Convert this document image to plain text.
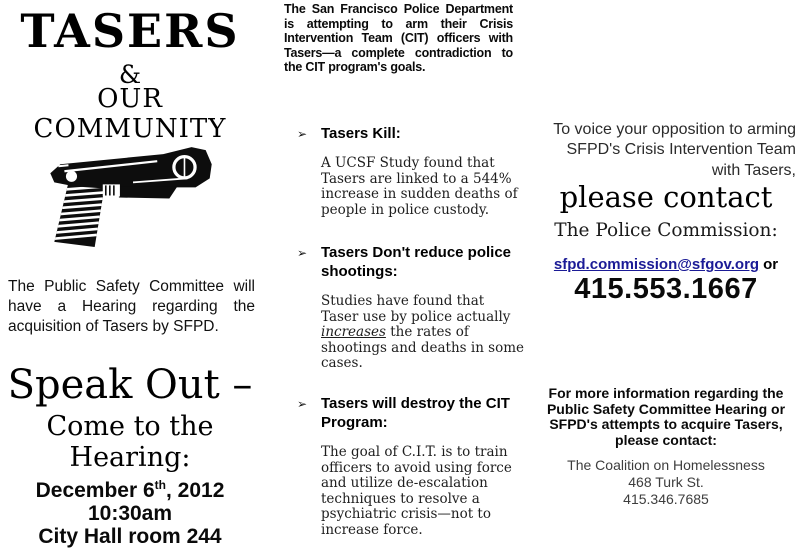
TASERS
&
OUR COMMUNITY
The Public Safety Committee will have a Hearing regarding the acquisition of Tasers by SFPD.
Speak Out –
Come to the Hearing:
December 6th, 2012
10:30am
City Hall room 244
The San Francisco Police Department is attempting to arm their Crisis Intervention Team (CIT) officers with Tasers—a complete contradiction to the CIT program's goals.
➢ Tasers Kill:
A UCSF Study found that Tasers are linked to a 544% increase in sudden deaths of people in police custody.
➢ Tasers Don't reduce police shootings:
Studies have found that Taser use by police actually increases the rates of shootings and deaths in some cases.
➢ Tasers will destroy the CIT Program:
The goal of C.I.T. is to train officers to avoid using force and utilize de-escalation techniques to resolve a psychiatric crisis—not to increase force.
To voice your opposition to arming SFPD's Crisis Intervention Team with Tasers,
please contact
The Police Commission:
sfpd.commission@sfgov.org or
415.553.1667
For more information regarding the Public Safety Committee Hearing or SFPD's attempts to acquire Tasers, please contact:
The Coalition on Homelessness
468 Turk St.
415.346.7685
